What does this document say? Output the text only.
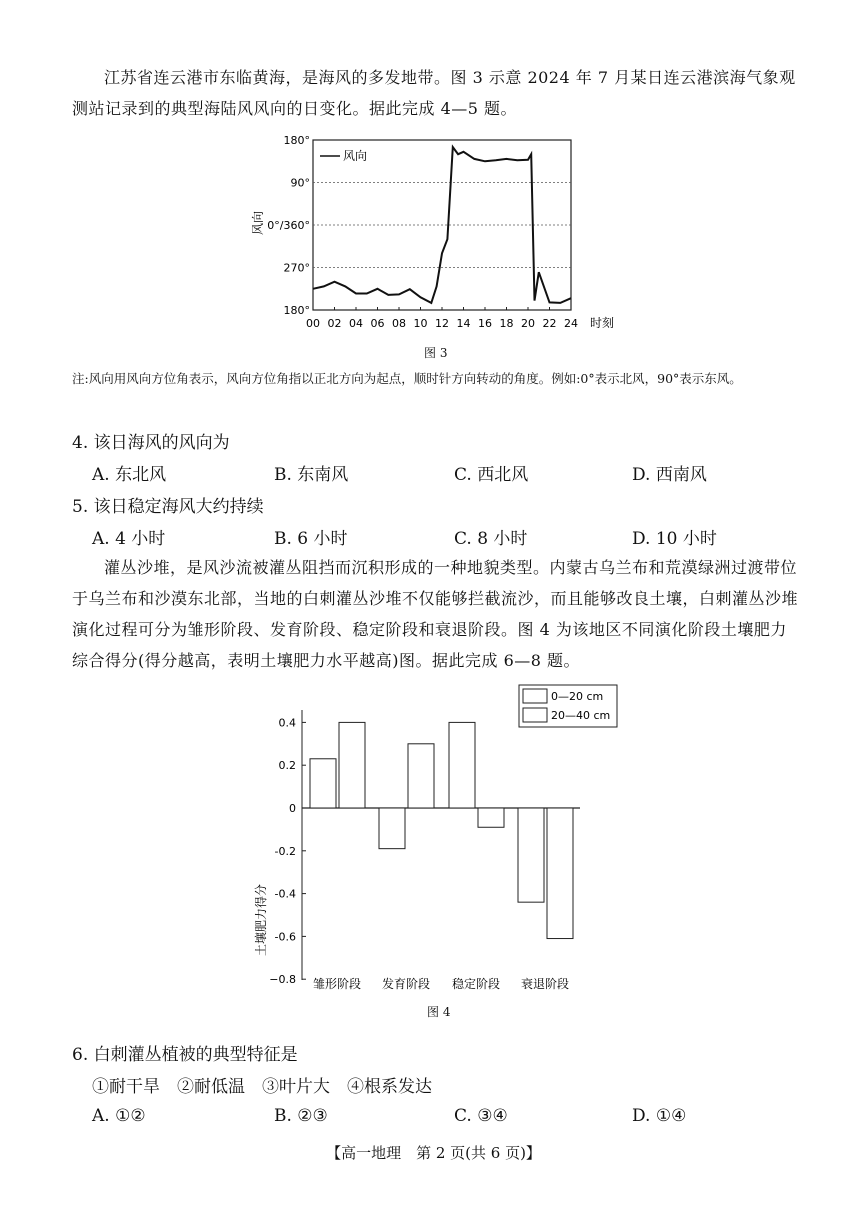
江苏省连云港市东临黄海，是海风的多发地带。图 3 示意 2024 年 7 月某日连云港滨海气象观测站记录到的典型海陆风风向的日变化。据此完成 4—5 题。

风向
180°
90°
0°/360°
270°
180°
00 02 04 06 08 10 12 14 16 18 20 22 24 时刻
风向

图 3

注:风向用风向方位角表示，风向方位角指以正北方向为起点，顺时针方向转动的角度。例如:0°表示北风，90°表示东风。

4. 该日海风的风向为

A. 东北风	B. 东南风	C. 西北风	D. 西南风

5. 该日稳定海风大约持续

A. 4 小时	B. 6 小时	C. 8 小时	D. 10 小时

灌丛沙堆，是风沙流被灌丛阻挡而沉积形成的一种地貌类型。内蒙古乌兰布和荒漠绿洲过渡带位于乌兰布和沙漠东北部，当地的白刺灌丛沙堆不仅能够拦截流沙，而且能够改良土壤，白刺灌丛沙堆演化过程可分为雏形阶段、发育阶段、稳定阶段和衰退阶段。图 4 为该地区不同演化阶段土壤肥力综合得分(得分越高，表明土壤肥力水平越高)图。据此完成 6—8 题。

0—20 cm
20—40 cm
0.4
0.2
0
-0.2
-0.4
-0.6
−0.8 雏形阶段 发育阶段 稳定阶段 衰退阶段
土壤肥力得分

图 4

6. 白刺灌丛植被的典型特征是

①耐干旱　②耐低温　③叶片大　④根系发达

A. ①②	B. ②③	C. ③④	D. ①④

【高一地理　第 2 页(共 6 页)】
